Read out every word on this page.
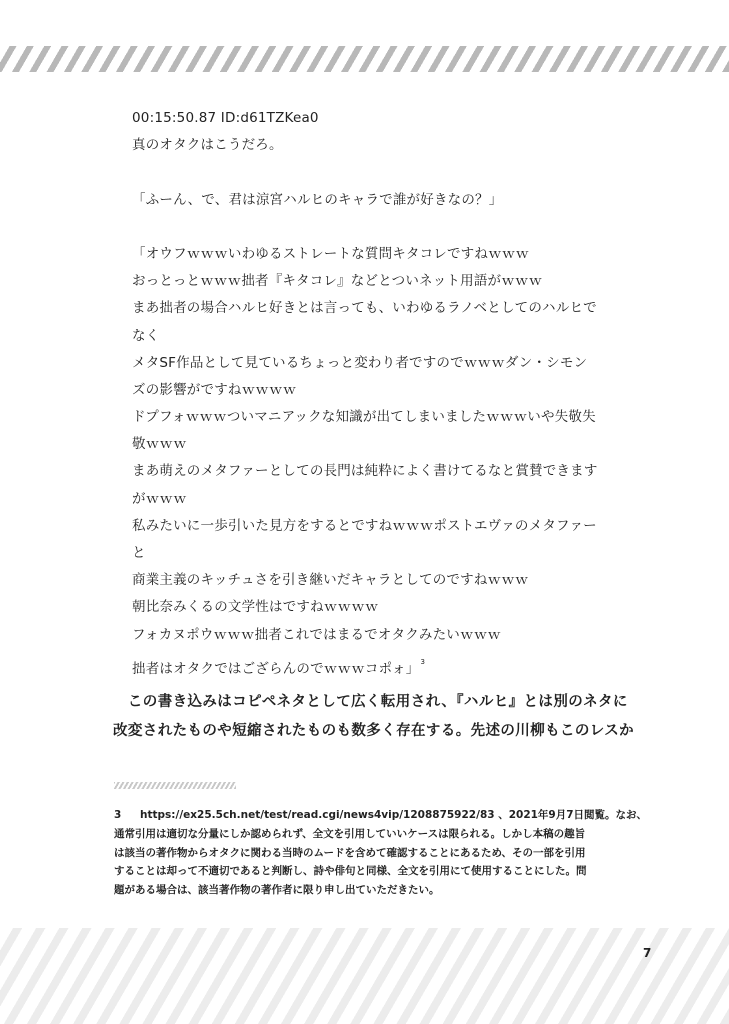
00:15:50.87 ID:d61TZKea0
真のオタクはこうだろ。
「ふーん、で、君は涼宮ハルヒのキャラで誰が好きなの？」
「オウフｗｗｗいわゆるストレートな質問キタコレですねｗｗｗ
おっとっとｗｗｗ拙者『キタコレ』などとついネット用語がｗｗｗ
まあ拙者の場合ハルヒ好きとは言っても、いわゆるラノベとしてのハルヒで
なく
メタSF作品として見ているちょっと変わり者ですのでｗｗｗダン・シモン
ズの影響がですねｗｗｗｗ
ドプフォｗｗｗついマニアックな知識が出てしまいましたｗｗｗいや失敬失
敬ｗｗｗ
まあ萌えのメタファーとしての長門は純粋によく書けてるなと賞賛できます
がｗｗｗ
私みたいに一歩引いた見方をするとですねｗｗｗポストエヴァのメタファー
と
商業主義のキッチュさを引き継いだキャラとしてのですねｗｗｗ
朝比奈みくるの文学性はですねｗｗｗｗ
フォカヌポウｗｗｗ拙者これではまるでオタクみたいｗｗｗ
拙者はオタクではござらんのでｗｗｗコポォ」$^3$
　この書き込みはコピペネタとして広く転用され、『ハルヒ』とは別のネタに
改変されたものや短縮されたものも数多く存在する。先述の川柳もこのレスか
3 https://ex25.5ch.net/test/read.cgi/news4vip/1208875922/83 、2021年9月7日閲覧。なお、
通常引用は適切な分量にしか認められず、全文を引用していいケースは限られる。しかし本稿の趣旨
は該当の著作物からオタクに関わる当時のムードを含めて確認することにあるため、その一部を引用
することは却って不適切であると判断し、詩や俳句と同様、全文を引用にて使用することにした。問
題がある場合は、該当著作物の著作者に限り申し出ていただきたい。
7
